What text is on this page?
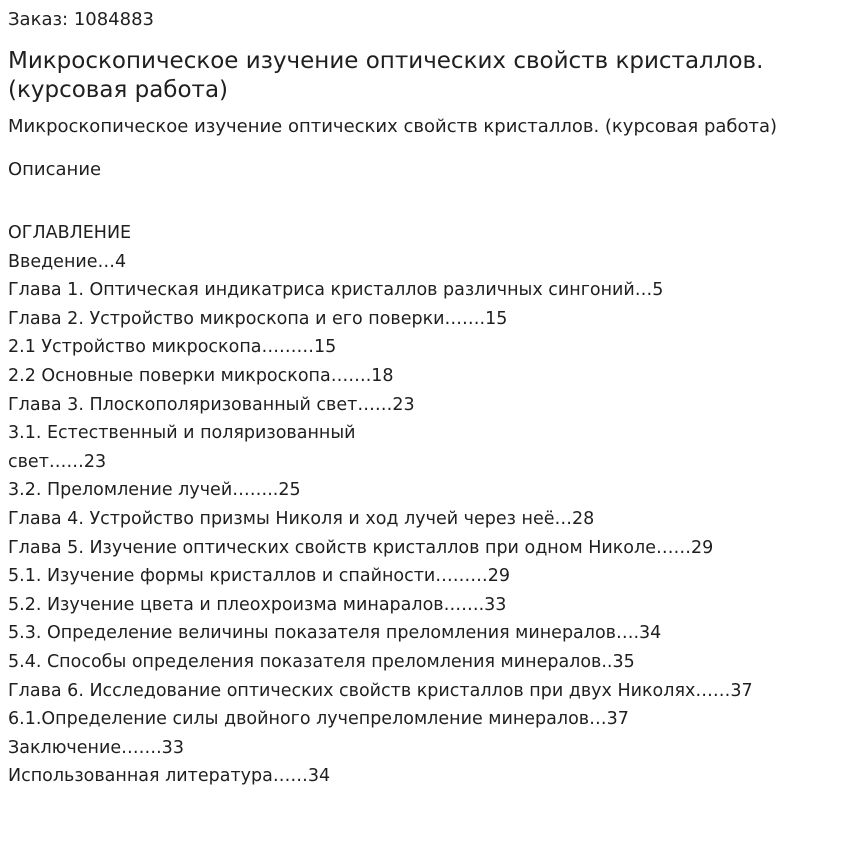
Заказ: 1084883
Микроскопическое изучение оптических свойств кристаллов. (курсовая работа)
Микроскопическое изучение оптических свойств кристаллов. (курсовая работа)
Описание
ОГЛАВЛЕНИЕ
Введение…4
Глава 1. Оптическая индикатриса кристаллов различных сингоний…5
Глава 2. Устройство микроскопа и его поверки…….15
2.1 Устройство микроскопа………15
2.2 Основные поверки микроскопа…….18
Глава 3. Плоскополяризованный свет……23
3.1. Естественный и поляризованный
свет……23
3.2. Преломление лучей……..25
Глава 4. Устройство призмы Николя и ход лучей через неё…28
Глава 5. Изучение оптических свойств кристаллов при одном Николе……29
5.1. Изучение формы кристаллов и спайности………29
5.2. Изучение цвета и плеохроизма минаралов…….33
5.3. Определение величины показателя преломления минералов….34
5.4. Способы определения показателя преломления минералов..35
Глава 6. Исследование оптических свойств кристаллов при двух Николях……37
6.1.Определение силы двойного лучепреломление минералов…37
Заключение…….33
Использованная литература……34
